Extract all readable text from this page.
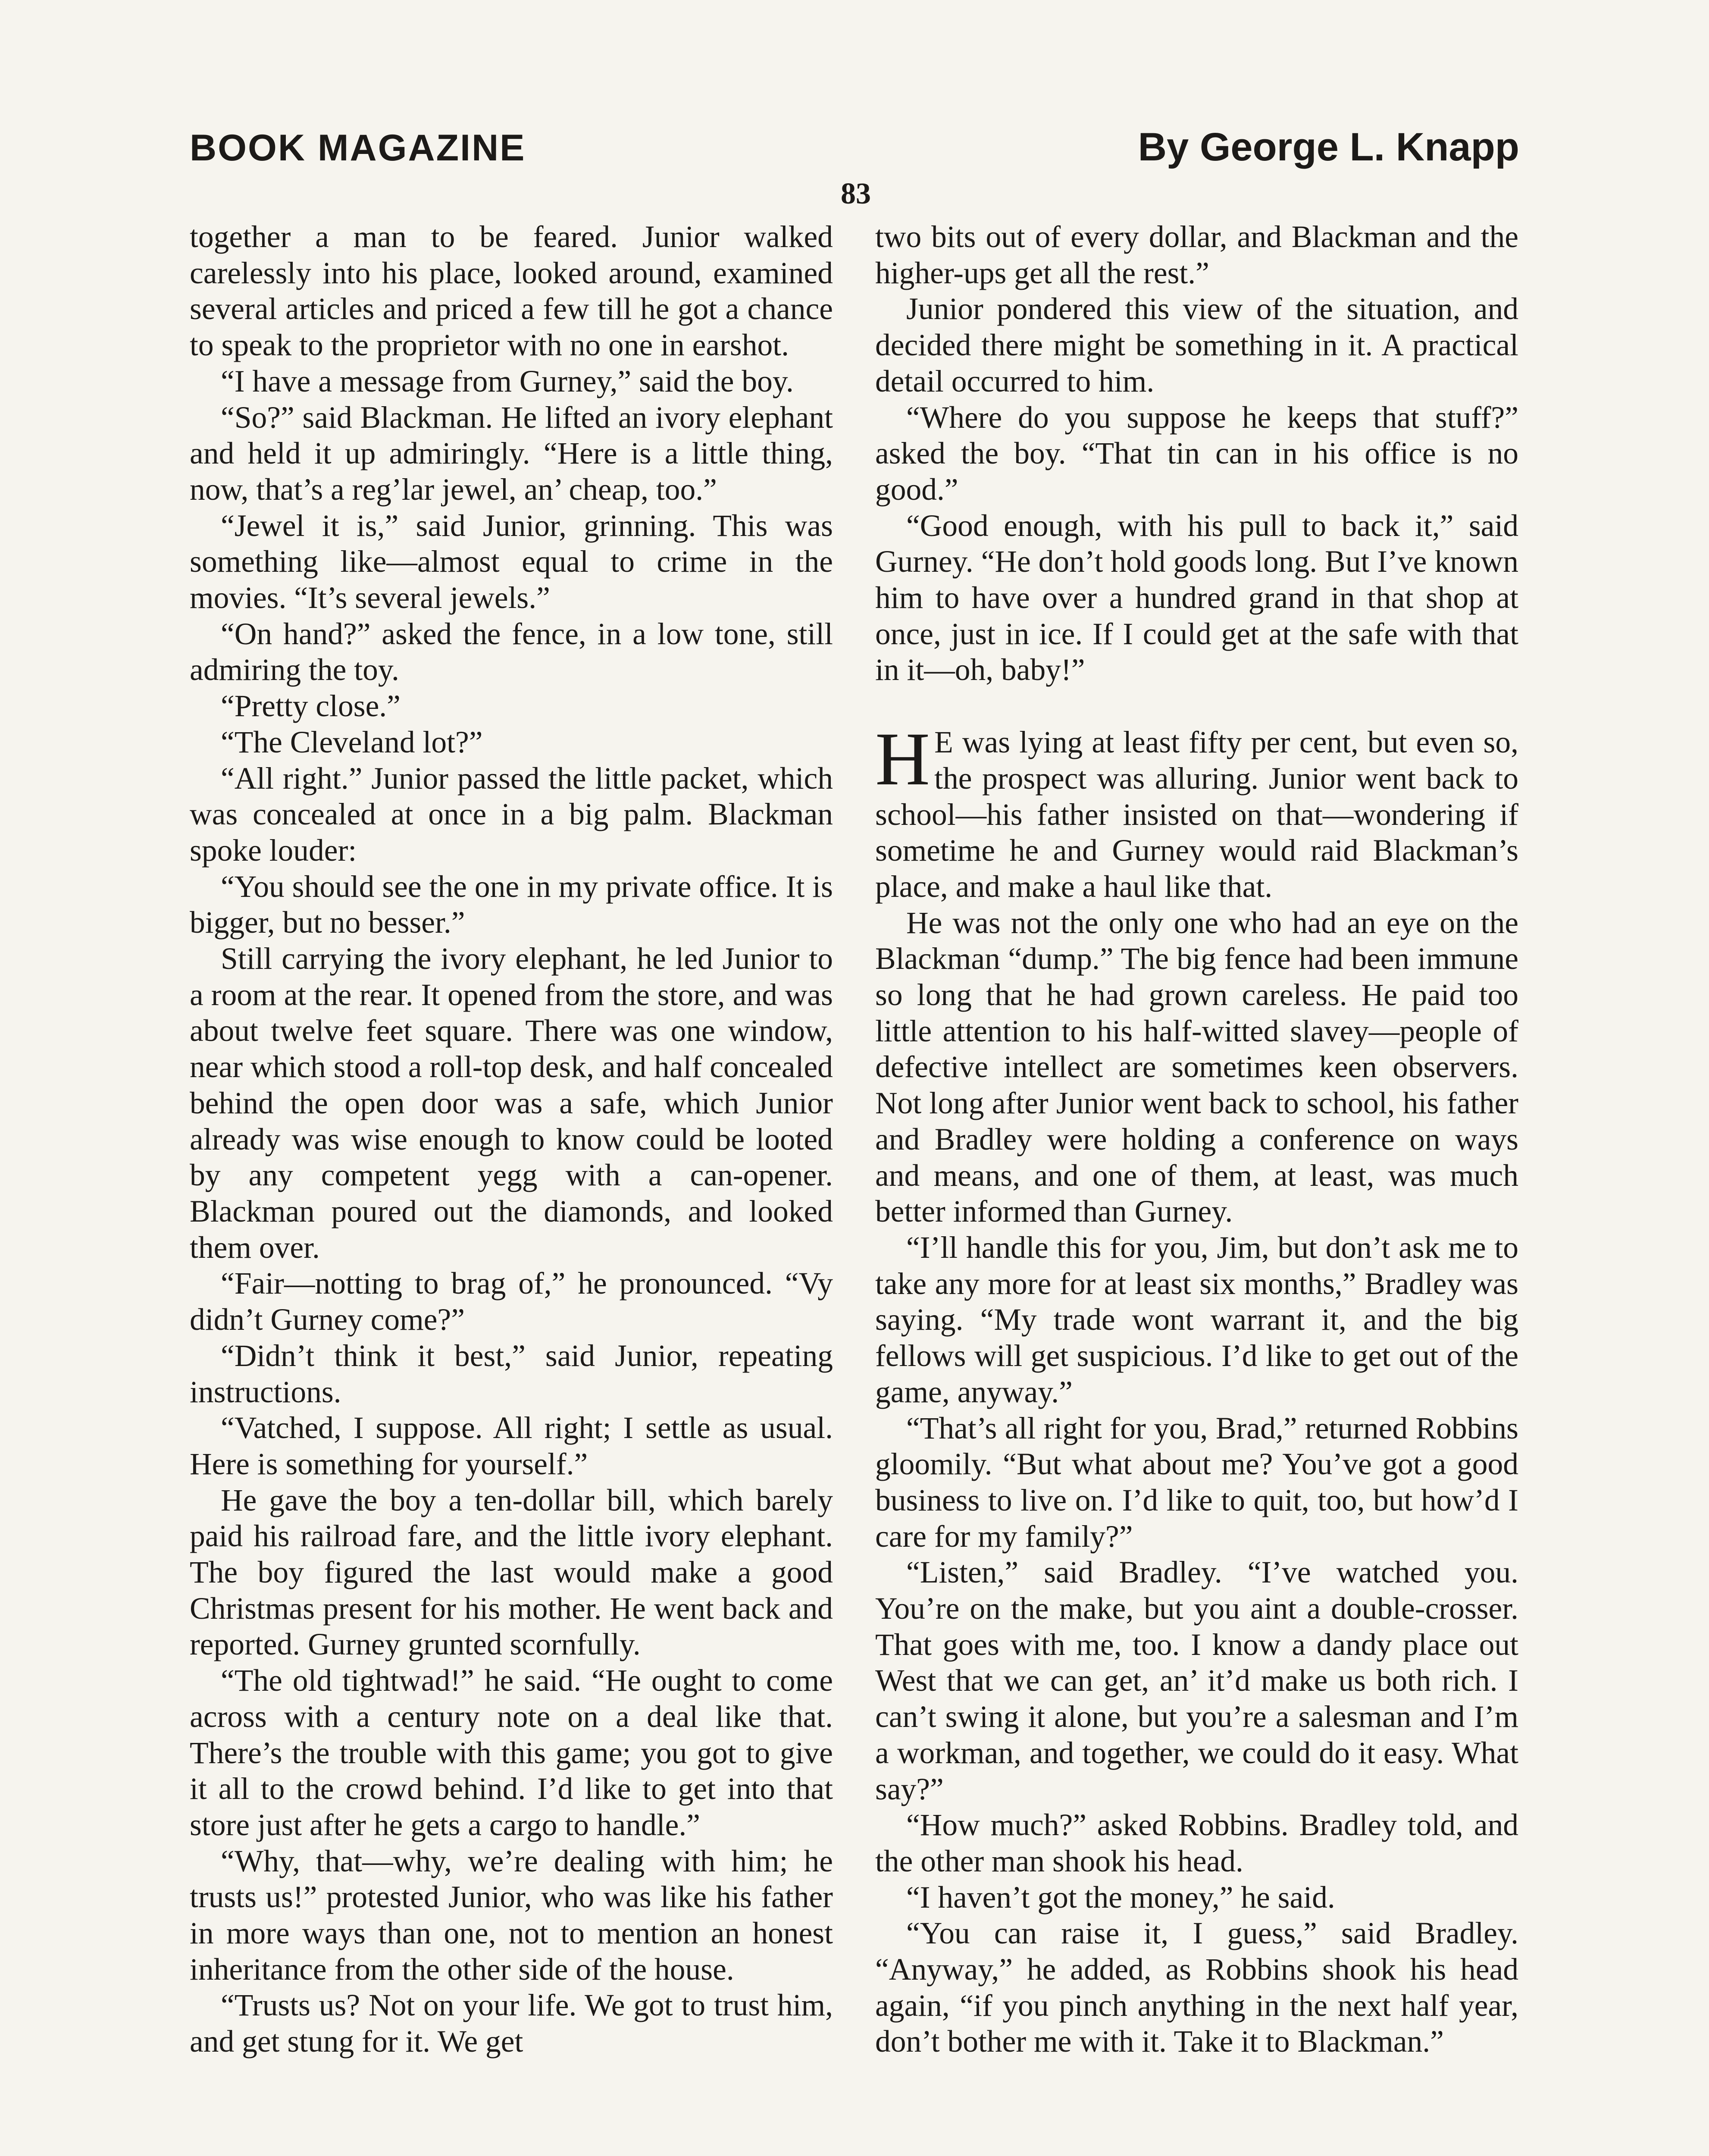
BOOK MAGAZINE	By George L. Knapp
83

together a man to be feared. Junior walked carelessly into his place, looked around, examined several articles and priced a few till he got a chance to speak to the proprietor with no one in earshot.

“I have a message from Gurney,” said the boy.

“So?” said Blackman. He lifted an ivory elephant and held it up admiringly. “Here is a little thing, now, that’s a reg’lar jewel, an’ cheap, too.”

“Jewel it is,” said Junior, grinning. This was something like—almost equal to crime in the movies. “It’s several jewels.”

“On hand?” asked the fence, in a low tone, still admiring the toy.

“Pretty close.”

“The Cleveland lot?”

“All right.” Junior passed the little packet, which was concealed at once in a big palm. Blackman spoke louder:

“You should see the one in my private office. It is bigger, but no besser.”

Still carrying the ivory elephant, he led Junior to a room at the rear. It opened from the store, and was about twelve feet square. There was one window, near which stood a roll-top desk, and half concealed behind the open door was a safe, which Junior already was wise enough to know could be looted by any competent yegg with a can-opener. Blackman poured out the diamonds, and looked them over.

“Fair—notting to brag of,” he pronounced. “Vy didn’t Gurney come?”

“Didn’t think it best,” said Junior, repeating instructions.

“Vatched, I suppose. All right; I settle as usual. Here is something for yourself.”

He gave the boy a ten-dollar bill, which barely paid his railroad fare, and the little ivory elephant. The boy figured the last would make a good Christmas present for his mother. He went back and reported. Gurney grunted scornfully.

“The old tightwad!” he said. “He ought to come across with a century note on a deal like that. There’s the trouble with this game; you got to give it all to the crowd behind. I’d like to get into that store just after he gets a cargo to handle.”

“Why, that—why, we’re dealing with him; he trusts us!” protested Junior, who was like his father in more ways than one, not to mention an honest inheritance from the other side of the house.

“Trusts us? Not on your life. We got to trust him, and get stung for it. We get

two bits out of every dollar, and Blackman and the higher-ups get all the rest.”

Junior pondered this view of the situation, and decided there might be something in it. A practical detail occurred to him.

“Where do you suppose he keeps that stuff?” asked the boy. “That tin can in his office is no good.”

“Good enough, with his pull to back it,” said Gurney. “He don’t hold goods long. But I’ve known him to have over a hundred grand in that shop at once, just in ice. If I could get at the safe with that in it—oh, baby!”

H E was lying at least fifty per cent, but even so, the prospect was alluring. Junior went back to school—his father insisted on that—wondering if sometime he and Gurney would raid Blackman’s place, and make a haul like that.

He was not the only one who had an eye on the Blackman “dump.” The big fence had been immune so long that he had grown careless. He paid too little attention to his half-witted slavey—people of defective intellect are sometimes keen observers. Not long after Junior went back to school, his father and Bradley were holding a conference on ways and means, and one of them, at least, was much better informed than Gurney.

“I’ll handle this for you, Jim, but don’t ask me to take any more for at least six months,” Bradley was saying. “My trade wont warrant it, and the big fellows will get suspicious. I’d like to get out of the game, anyway.”

“That’s all right for you, Brad,” returned Robbins gloomily. “But what about me? You’ve got a good business to live on. I’d like to quit, too, but how’d I care for my family?”

“Listen,” said Bradley. “I’ve watched you. You’re on the make, but you aint a double-crosser. That goes with me, too. I know a dandy place out West that we can get, an’ it’d make us both rich. I can’t swing it alone, but you’re a salesman and I’m a workman, and together, we could do it easy. What say?”

“How much?” asked Robbins. Bradley told, and the other man shook his head.

“I haven’t got the money,” he said.

“You can raise it, I guess,” said Bradley. “Anyway,” he added, as Robbins shook his head again, “if you pinch anything in the next half year, don’t bother me with it. Take it to Blackman.”
